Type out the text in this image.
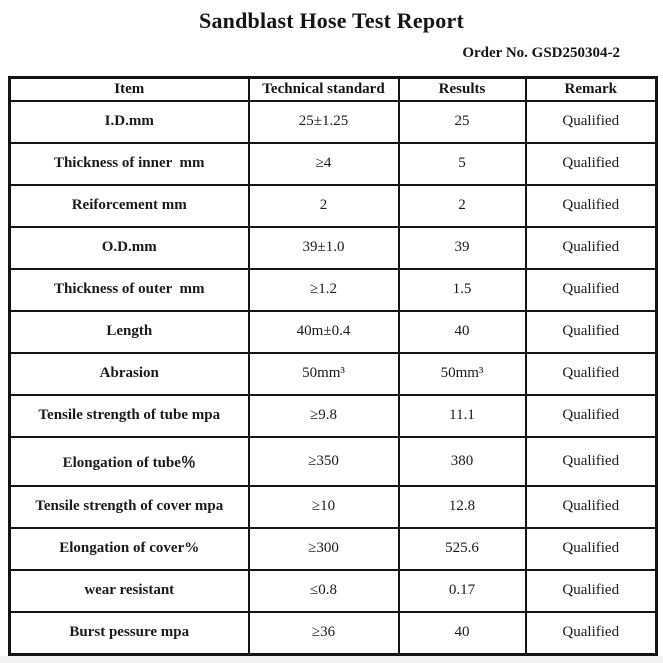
Sandblast Hose Test Report
Order No. GSD250304-2
Item	Technical standard	Results	Remark
I.D.mm	25±1.25	25	Qualified
Thickness of inner  mm	≥4	5	Qualified
Reiforcement mm	2	2	Qualified
O.D.mm	39±1.0	39	Qualified
Thickness of outer  mm	≥1.2	1.5	Qualified
Length	40m±0.4	40	Qualified
Abrasion	50mm³	50mm³	Qualified
Tensile strength of tube mpa	≥9.8	11.1	Qualified
Elongation of tube％	≥350	380	Qualified
Tensile strength of cover mpa	≥10	12.8	Qualified
Elongation of cover%	≥300	525.6	Qualified
wear resistant	≤0.8	0.17	Qualified
Burst pessure mpa	≥36	40	Qualified
